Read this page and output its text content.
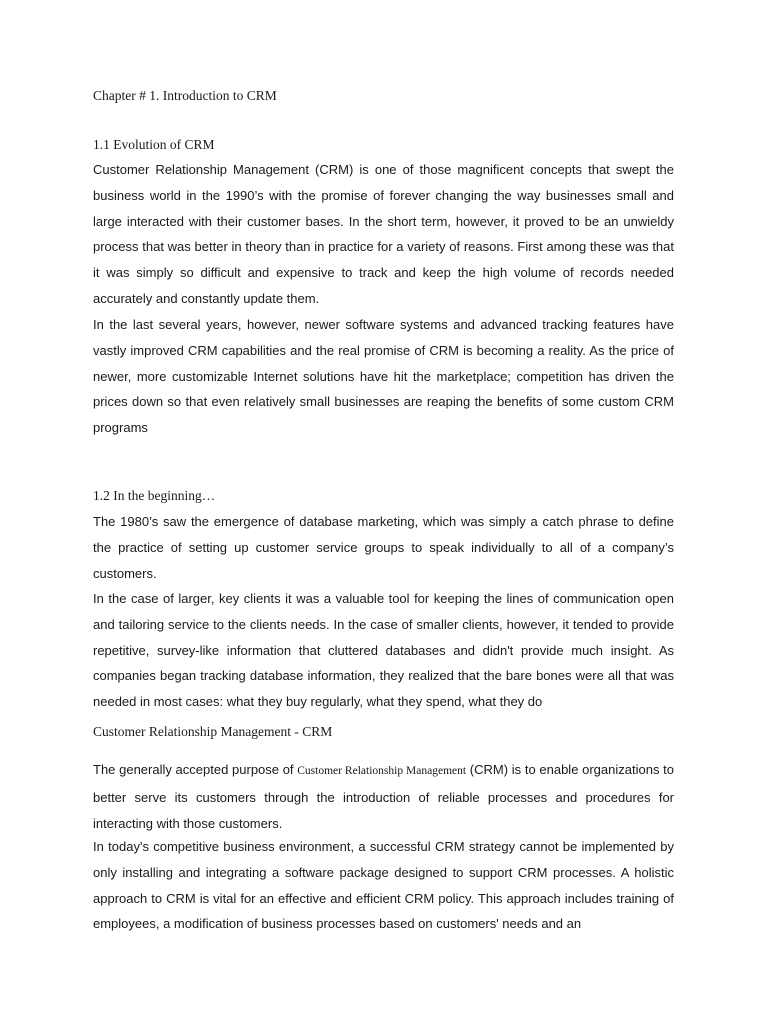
Chapter # 1. Introduction to CRM
1.1 Evolution of CRM

Customer Relationship Management (CRM) is one of those magnificent concepts that swept the business world in the 1990’s with the promise of forever changing the way businesses small and large interacted with their customer bases. In the short term, however, it proved to be an unwieldy process that was better in theory than in practice for a variety of reasons. First among these was that it was simply so difficult and expensive to track and keep the high volume of records needed accurately and constantly update them.

In the last several years, however, newer software systems and advanced tracking features have vastly improved CRM capabilities and the real promise of CRM is becoming a reality. As the price of newer, more customizable Internet solutions have hit the marketplace; competition has driven the prices down so that even relatively small businesses are reaping the benefits of some custom CRM programs

1.2 In the beginning…

The 1980’s saw the emergence of database marketing, which was simply a catch phrase to define the practice of setting up customer service groups to speak individually to all of a company’s customers.

In the case of larger, key clients it was a valuable tool for keeping the lines of communication open and tailoring service to the clients needs. In the case of smaller clients, however, it tended to provide repetitive, survey-like information that cluttered databases and didn't provide much insight. As companies began tracking database information, they realized that the bare bones were all that was needed in most cases: what they buy regularly, what they spend, what they do

Customer Relationship Management - CRM

The generally accepted purpose of Customer Relationship Management (CRM) is to enable organizations to better serve its customers through the introduction of reliable processes and procedures for interacting with those customers.

In today's competitive business environment, a successful CRM strategy cannot be implemented by only installing and integrating a software package designed to support CRM processes. A holistic approach to CRM is vital for an effective and efficient CRM policy. This approach includes training of employees, a modification of business processes based on customers' needs and an
